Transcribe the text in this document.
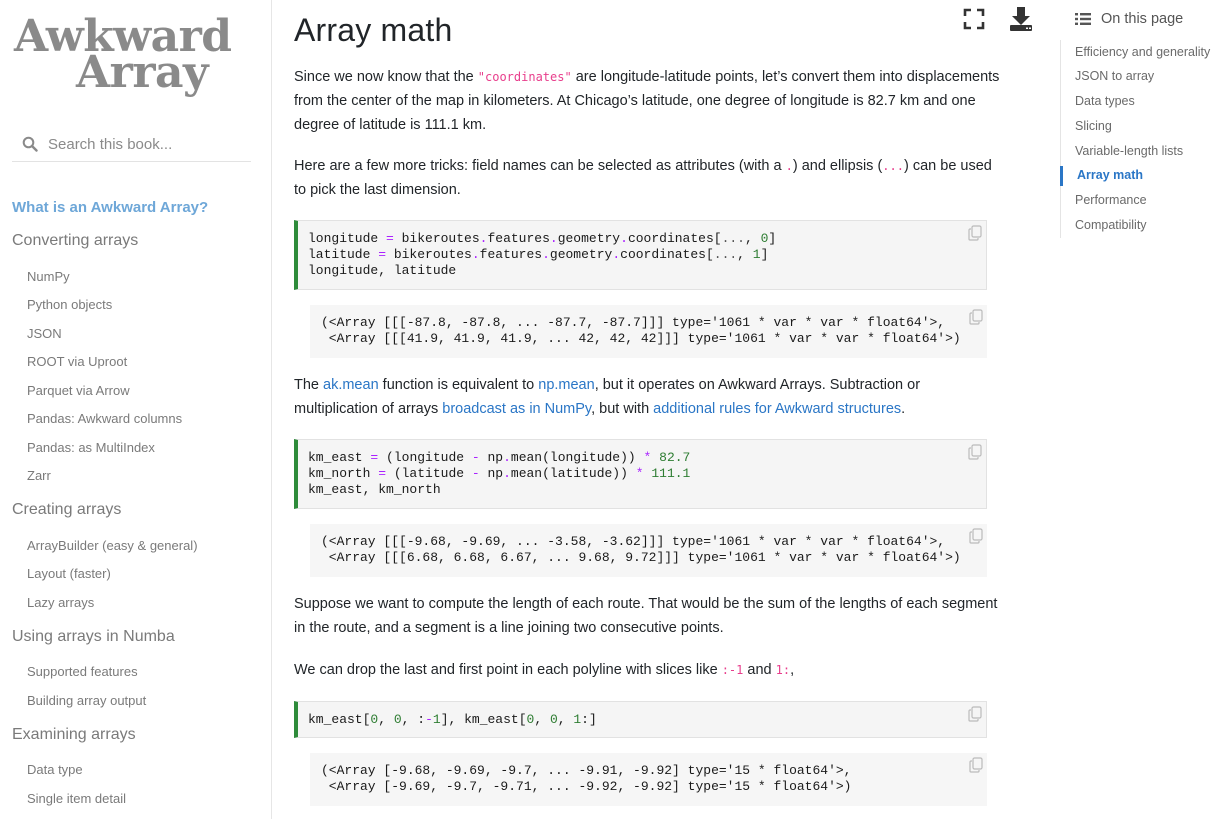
Awkward
Array
Search this book...
What is an Awkward Array?
Converting arrays
NumPy
Python objects
JSON
ROOT via Uproot
Parquet via Arrow
Pandas: Awkward columns
Pandas: as MultiIndex
Zarr
Creating arrays
ArrayBuilder (easy & general)
Layout (faster)
Lazy arrays
Using arrays in Numba
Supported features
Building array output
Examining arrays
Data type
Single item detail
Array math

Since we now know that the "coordinates" are longitude-latitude points, let’s convert them into displacements from the center of the map in kilometers. At Chicago’s latitude, one degree of longitude is 82.7 km and one degree of latitude is 111.1 km.

Here are a few more tricks: field names can be selected as attributes (with a .) and ellipsis (...) can be used to pick the last dimension.

longitude = bikeroutes.features.geometry.coordinates[..., 0]
latitude = bikeroutes.features.geometry.coordinates[..., 1]
longitude, latitude
(<Array [[[-87.8, -87.8, ... -87.7, -87.7]]] type='1061 * var * var * float64'>,
<Array [[[41.9, 41.9, 41.9, ... 42, 42, 42]]] type='1061 * var * var * float64'>)

The ak.mean function is equivalent to np.mean, but it operates on Awkward Arrays. Subtraction or multiplication of arrays broadcast as in NumPy, but with additional rules for Awkward structures.

km_east = (longitude - np.mean(longitude)) * 82.7
km_north = (latitude - np.mean(latitude)) * 111.1
km_east, km_north
(<Array [[[-9.68, -9.69, ... -3.58, -3.62]]] type='1061 * var * var * float64'>,
<Array [[[6.68, 6.68, 6.67, ... 9.68, 9.72]]] type='1061 * var * var * float64'>)

Suppose we want to compute the length of each route. That would be the sum of the lengths of each segment in the route, and a segment is a line joining two consecutive points.

We can drop the last and first point in each polyline with slices like :-1 and 1:,

km_east[0, 0, :-1], km_east[0, 0, 1:]
(<Array [-9.68, -9.69, -9.7, ... -9.91, -9.92] type='15 * float64'>,
<Array [-9.69, -9.7, -9.71, ... -9.92, -9.92] type='15 * float64'>)
On this page
Efficiency and generality
JSON to array
Data types
Slicing
Variable-length lists
Array math
Performance
Compatibility
